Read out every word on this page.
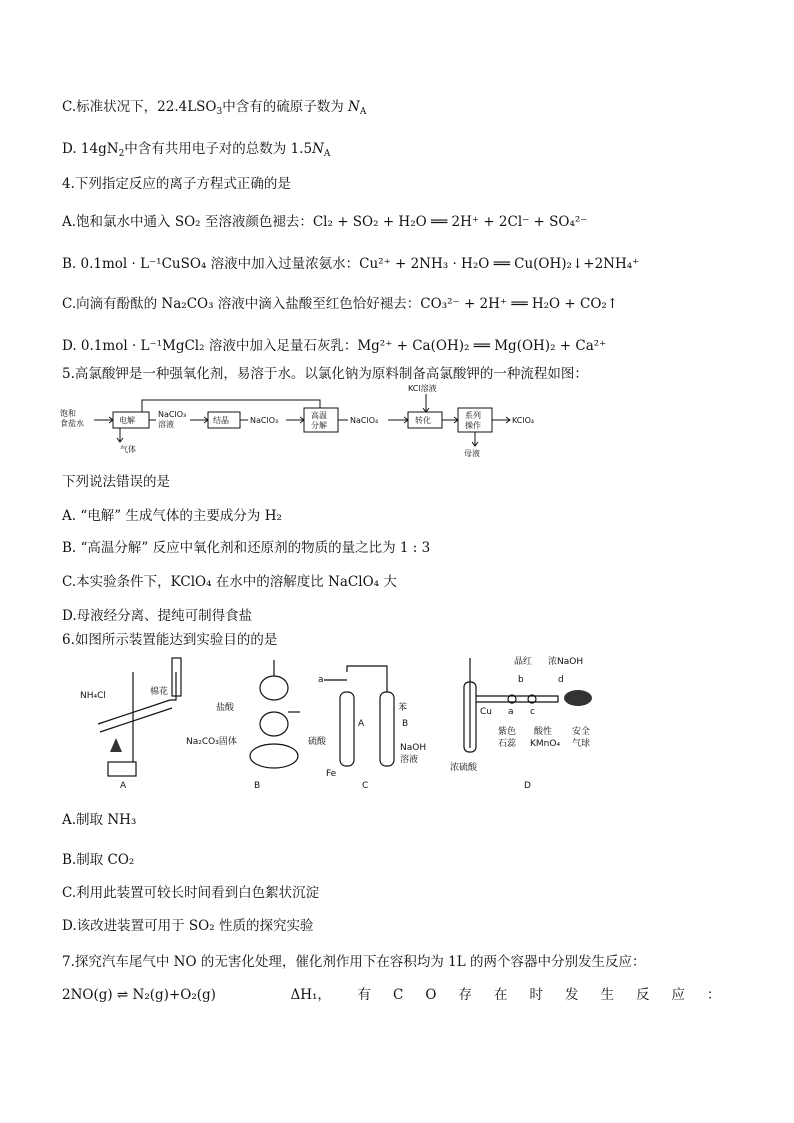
C.标准状况下，$22.4LSO_3$中含有的硫原子数为 $N_A$
D. $14gN_2$中含有共用电子对的总数为 $1.5N_A$
4.下列指定反应的离子方程式正确的是
A.饱和氯水中通入 SO₂ 至溶液颜色褪去：Cl₂ + SO₂ + H₂O ══ 2H⁺ + 2Cl⁻ + SO₄²⁻
B. 0.1mol · L⁻¹CuSO₄ 溶液中加入过量浓氨水：Cu²⁺ + 2NH₃ · H₂O ══ Cu(OH)₂↓+2NH₄⁺
C.向滴有酚酞的 Na₂CO₃ 溶液中滴入盐酸至红色恰好褪去：CO₃²⁻ + 2H⁺ ══ H₂O + CO₂↑
D. 0.1mol · L⁻¹MgCl₂ 溶液中加入足量石灰乳：Mg²⁺ + Ca(OH)₂ ══ Mg(OH)₂ + Ca²⁺
5.高氯酸钾是一种强氧化剂，易溶于水。以氯化钠为原料制备高氯酸钾的一种流程如图：
饱和
食盐水	电解
气体
NaClO₃
溶液	结晶	NaClO₃
高温
分解
NaClO₄
KCl溶液
转化
系列
操作
KClO₄
母液
下列说法错误的是
A. “电解” 生成气体的主要成分为 H₂
B. “高温分解” 反应中氧化剂和还原剂的物质的量之比为 1 : 3
C.本实验条件下，KClO₄ 在水中的溶解度比 NaClO₄ 大
D.母液经分离、提纯可制得食盐
6.如图所示装置能达到实验目的的是
NH₄Cl	棉花
A
盐酸
Na₂CO₃固体
B
a
A	B
苯
硫酸
Fe
NaOH
溶液
C
晶红 浓NaOH
b	d
Cu a c
紫色
石蕊
酸性
KMnO₄
安全
气球
浓硫酸
D
A.制取 NH₃
B.制取 CO₂
C.利用此装置可较长时间看到白色絮状沉淀
D.该改进装置可用于 SO₂ 性质的探究实验
7.探究汽车尾气中 NO 的无害化处理，催化剂作用下在容积均为 1L 的两个容器中分别发生反应：
2NO(g) ⇌ N₂(g)+O₂(g)	ΔH₁， 有CO存在时发生反应：
